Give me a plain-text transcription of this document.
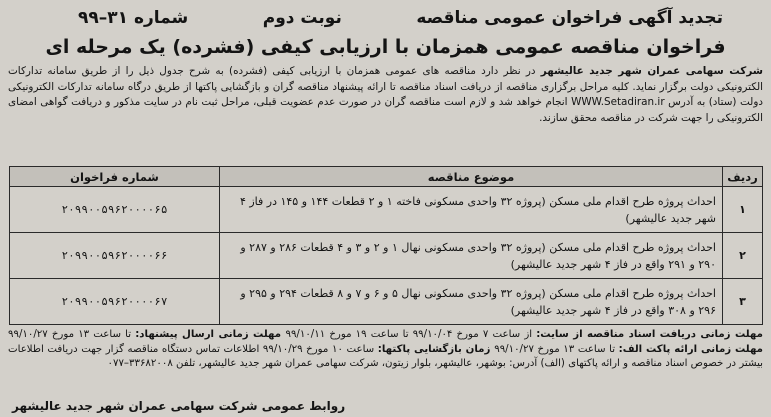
تجدید آگهی فراخوان عمومی مناقصه
نوبت دوم
شماره ۳۱–۹۹
فراخوان مناقصه عمومی همزمان با ارزیابی کیفی (فشرده) یک مرحله ای
شرکت سهامی عمران شهر جدید عالیشهر در نظر دارد مناقصه های عمومی همزمان با ارزیابی کیفی (فشرده) به شرح جدول ذیل را از طریق سامانه تدارکات الکترونیکی دولت برگزار نماید. کلیه مراحل برگزاری مناقصه از دریافت اسناد مناقصه تا ارائه پیشنهاد مناقصه گران و بازگشایی پاکتها از طریق درگاه سامانه تدارکات الکترونیکی دولت (ستاد) به آدرس WWW.Setadiran.ir انجام خواهد شد و لازم است مناقصه گران در صورت عدم عضویت قبلی، مراحل ثبت نام در سایت مذکور و دریافت گواهی امضای الکترونیکی را جهت شرکت در مناقصه محقق سازند.
ردیف	موضوع مناقصه	شماره فراخوان
۱	احداث پروژه طرح اقدام ملی مسکن (پروژه ۳۲ واحدی مسکونی فاخته ۱ و ۲ قطعات ۱۴۴ و ۱۴۵ در فاز ۴ شهر جدید عالیشهر)	۲۰۹۹۰۰۵۹۶۲۰۰۰۰۶۵
۲	احداث پروژه طرح اقدام ملی مسکن (پروژه ۳۲ واحدی مسکونی نهال ۱ و ۲ و ۳ و ۴ قطعات ۲۸۶ و ۲۸۷ و ۲۹۰ و ۲۹۱ واقع در فاز ۴ شهر جدید عالیشهر)	۲۰۹۹۰۰۵۹۶۲۰۰۰۰۶۶
۳	احداث پروژه طرح اقدام ملی مسکن (پروژه ۳۲ واحدی مسکونی نهال ۵ و ۶ و ۷ و ۸ قطعات ۲۹۴ و ۲۹۵ و ۲۹۶ و ۳۰۸ واقع در فاز ۴ شهر جدید عالیشهر)	۲۰۹۹۰۰۵۹۶۲۰۰۰۰۶۷
مهلت زمانی دریافت اسناد مناقصه از سایت: از ساعت ۷ مورخ ۹۹/۱۰/۰۴ تا ساعت ۱۹ مورخ ۹۹/۱۰/۱۱ مهلت زمانی ارسال پیشنهاد: تا ساعت ۱۳ مورخ ۹۹/۱۰/۲۷ مهلت زمانی ارائه پاکت الف: تا ساعت ۱۳ مورخ ۹۹/۱۰/۲۷ زمان بازگشایی پاکتها: ساعت ۱۰ مورخ ۹۹/۱۰/۲۹ اطلاعات تماس دستگاه مناقصه گزار جهت دریافت اطلاعات بیشتر در خصوص اسناد مناقصه و ارائه پاکتهای (الف) آدرس: بوشهر، عالیشهر، بلوار زیتون، شرکت سهامی عمران شهر جدید عالیشهر، تلفن ۳۳۶۸۲۰۰۸–۰۷۷
روابط عمومی شرکت سهامی عمران شهر جدید عالیشهر
